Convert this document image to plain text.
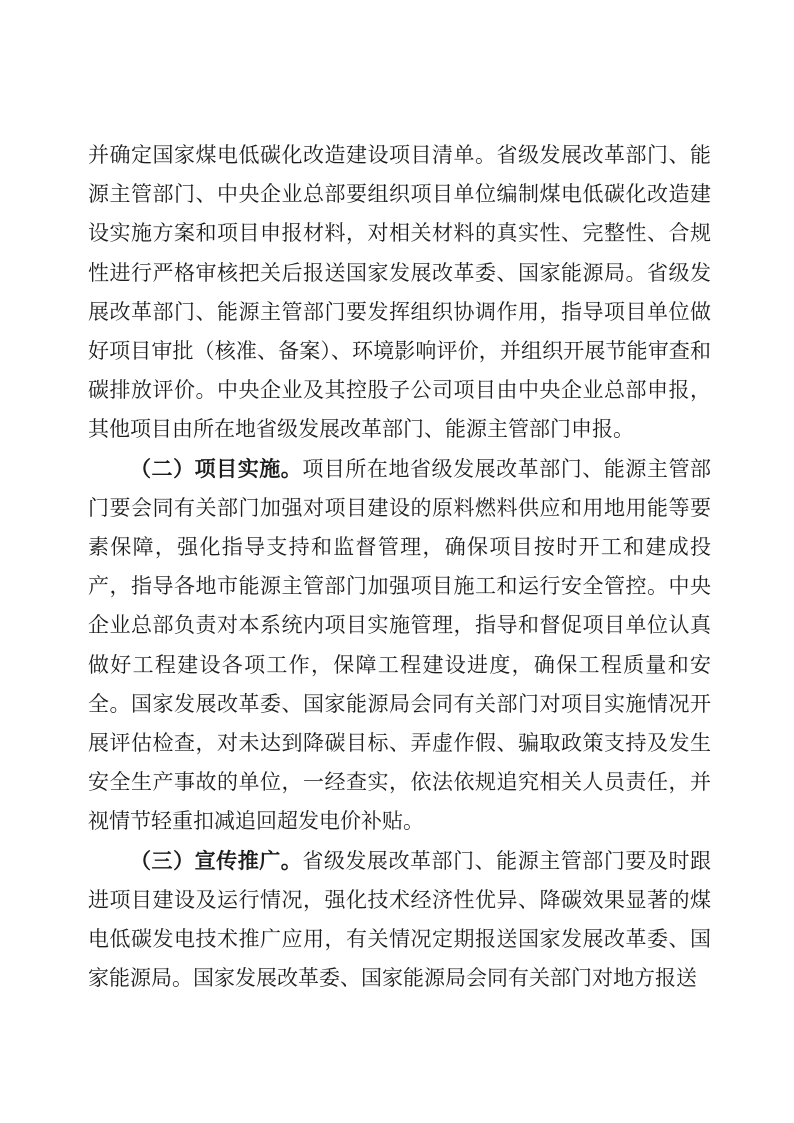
并确定国家煤电低碳化改造建设项目清单。省级发展改革部门、能源主管部门、中央企业总部要组织项目单位编制煤电低碳化改造建设实施方案和项目申报材料，对相关材料的真实性、完整性、合规性进行严格审核把关后报送国家发展改革委、国家能源局。省级发展改革部门、能源主管部门要发挥组织协调作用，指导项目单位做好项目审批（核准、备案）、环境影响评价，并组织开展节能审查和碳排放评价。中央企业及其控股子公司项目由中央企业总部申报，其他项目由所在地省级发展改革部门、能源主管部门申报。

（二）项目实施。项目所在地省级发展改革部门、能源主管部门要会同有关部门加强对项目建设的原料燃料供应和用地用能等要素保障，强化指导支持和监督管理，确保项目按时开工和建成投产，指导各地市能源主管部门加强项目施工和运行安全管控。中央企业总部负责对本系统内项目实施管理，指导和督促项目单位认真做好工程建设各项工作，保障工程建设进度，确保工程质量和安全。国家发展改革委、国家能源局会同有关部门对项目实施情况开展评估检查，对未达到降碳目标、弄虚作假、骗取政策支持及发生安全生产事故的单位，一经查实，依法依规追究相关人员责任，并视情节轻重扣减追回超发电价补贴。

（三）宣传推广。省级发展改革部门、能源主管部门要及时跟进项目建设及运行情况，强化技术经济性优异、降碳效果显著的煤电低碳发电技术推广应用，有关情况定期报送国家发展改革委、国家能源局。国家发展改革委、国家能源局会同有关部门对地方报送
